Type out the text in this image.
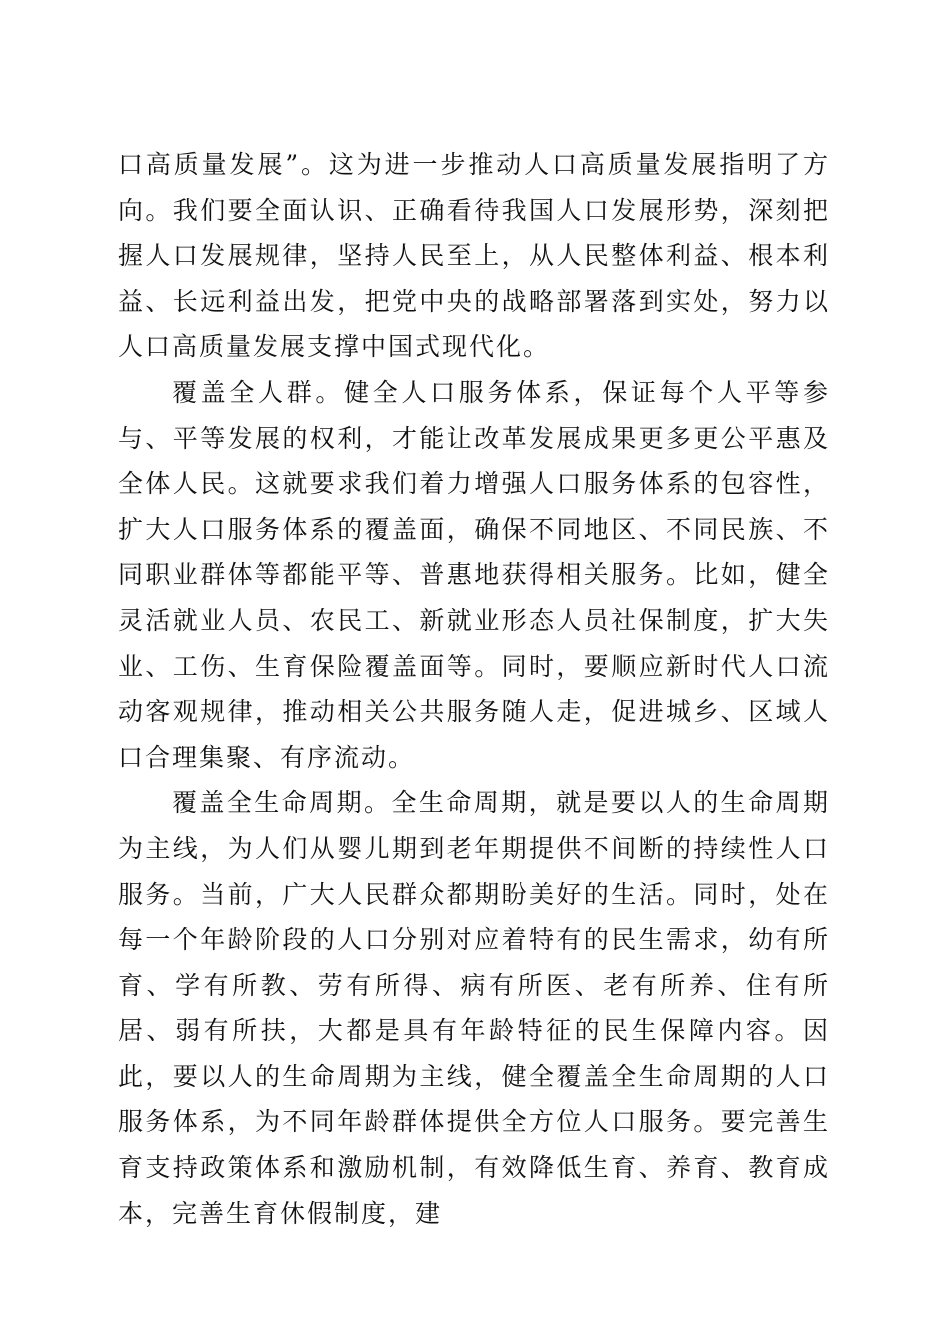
口高质量发展”。这为进一步推动人口高质量发展指明了方向。我们要全面认识、正确看待我国人口发展形势，深刻把握人口发展规律，坚持人民至上，从人民整体利益、根本利益、长远利益出发，把党中央的战略部署落到实处，努力以人口高质量发展支撑中国式现代化。

覆盖全人群。健全人口服务体系，保证每个人平等参与、平等发展的权利，才能让改革发展成果更多更公平惠及全体人民。这就要求我们着力增强人口服务体系的包容性，扩大人口服务体系的覆盖面，确保不同地区、不同民族、不同职业群体等都能平等、普惠地获得相关服务。比如，健全灵活就业人员、农民工、新就业形态人员社保制度，扩大失业、工伤、生育保险覆盖面等。同时，要顺应新时代人口流动客观规律，推动相关公共服务随人走，促进城乡、区域人口合理集聚、有序流动。

覆盖全生命周期。全生命周期，就是要以人的生命周期为主线，为人们从婴儿期到老年期提供不间断的持续性人口服务。当前，广大人民群众都期盼美好的生活。同时，处在每一个年龄阶段的人口分别对应着特有的民生需求，幼有所育、学有所教、劳有所得、病有所医、老有所养、住有所居、弱有所扶，大都是具有年龄特征的民生保障内容。因此，要以人的生命周期为主线，健全覆盖全生命周期的人口服务体系，为不同年龄群体提供全方位人口服务。要完善生育支持政策体系和激励机制，有效降低生育、养育、教育成本，完善生育休假制度，建
